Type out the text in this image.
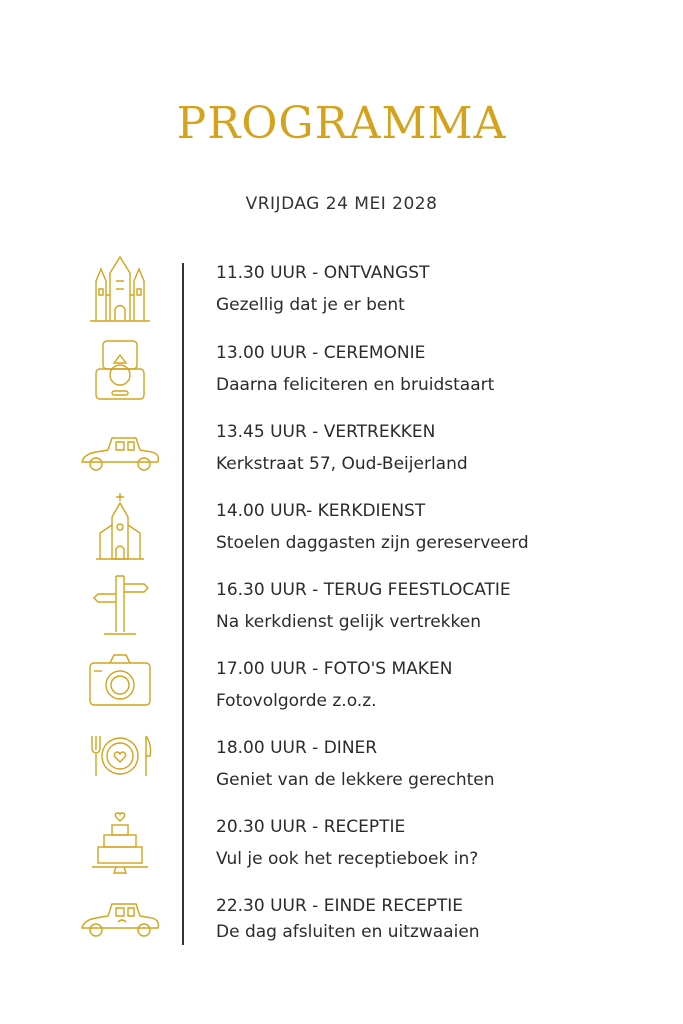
PROGRAMMA
VRIJDAG 24 MEI 2028
11.30 UUR - ONTVANGST
Gezellig dat je er bent
13.00 UUR - CEREMONIE
Daarna feliciteren en bruidstaart
13.45 UUR - VERTREKKEN
Kerkstraat 57, Oud-Beijerland
14.00 UUR- KERKDIENST
Stoelen daggasten zijn gereserveerd
16.30 UUR - TERUG FEESTLOCATIE
Na kerkdienst gelijk vertrekken
17.00 UUR - FOTO'S MAKEN
Fotovolgorde z.o.z.
18.00 UUR - DINER
Geniet van de lekkere gerechten
20.30 UUR - RECEPTIE
Vul je ook het receptieboek in?
22.30 UUR - EINDE RECEPTIE
De dag afsluiten en uitzwaaien
